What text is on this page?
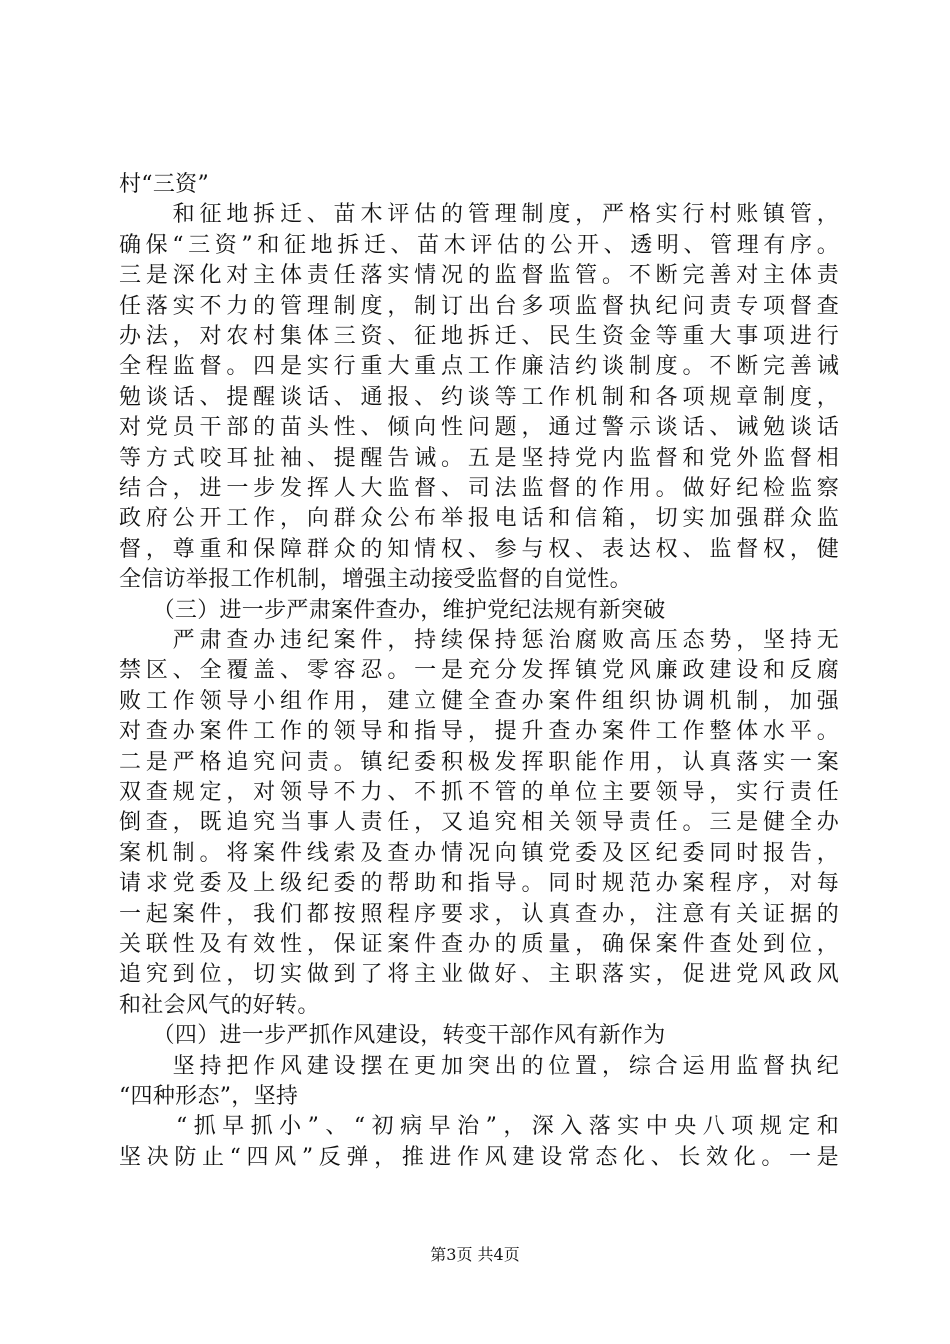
村“三资”
　　和征地拆迁、苗木评估的管理制度，严格实行村账镇管，
确保“三资”和征地拆迁、苗木评估的公开、透明、管理有序。
三是深化对主体责任落实情况的监督监管。不断完善对主体责
任落实不力的管理制度，制订出台多项监督执纪问责专项督查
办法，对农村集体三资、征地拆迁、民生资金等重大事项进行
全程监督。四是实行重大重点工作廉洁约谈制度。不断完善诫
勉谈话、提醒谈话、通报、约谈等工作机制和各项规章制度，
对党员干部的苗头性、倾向性问题，通过警示谈话、诫勉谈话
等方式咬耳扯袖、提醒告诫。五是坚持党内监督和党外监督相
结合，进一步发挥人大监督、司法监督的作用。做好纪检监察
政府公开工作，向群众公布举报电话和信箱，切实加强群众监
督，尊重和保障群众的知情权、参与权、表达权、监督权，健
全信访举报工作机制，增强主动接受监督的自觉性。
　　（三）进一步严肃案件查办，维护党纪法规有新突破
　　严肃查办违纪案件，持续保持惩治腐败高压态势，坚持无
禁区、全覆盖、零容忍。一是充分发挥镇党风廉政建设和反腐
败工作领导小组作用，建立健全查办案件组织协调机制，加强
对查办案件工作的领导和指导，提升查办案件工作整体水平。
二是严格追究问责。镇纪委积极发挥职能作用，认真落实一案
双查规定，对领导不力、不抓不管的单位主要领导，实行责任
倒查，既追究当事人责任，又追究相关领导责任。三是健全办
案机制。将案件线索及查办情况向镇党委及区纪委同时报告，
请求党委及上级纪委的帮助和指导。同时规范办案程序，对每
一起案件，我们都按照程序要求，认真查办，注意有关证据的
关联性及有效性，保证案件查办的质量，确保案件查处到位，
追究到位，切实做到了将主业做好、主职落实，促进党风政风
和社会风气的好转。
　　（四）进一步严抓作风建设，转变干部作风有新作为
　　坚持把作风建设摆在更加突出的位置，综合运用监督执纪
“四种形态”，坚持
　　“抓早抓小”、“初病早治”，深入落实中央八项规定和
坚决防止“四风”反弹，推进作风建设常态化、长效化。一是
第3页 共4页
